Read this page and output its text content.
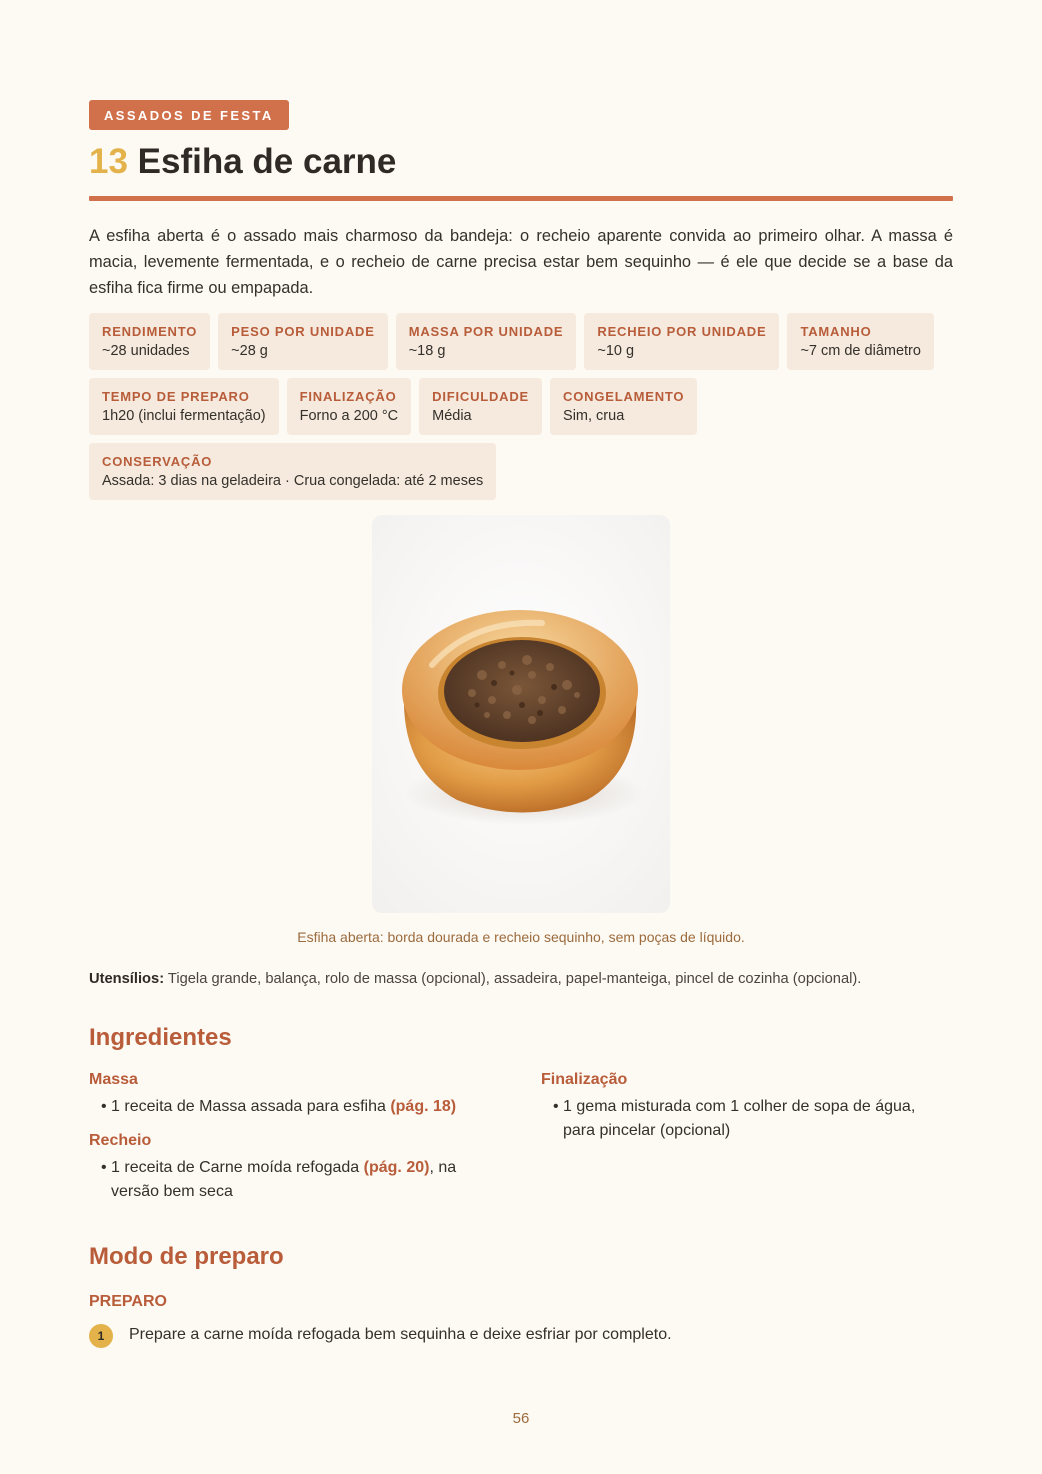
ASSADOS DE FESTA
13 Esfiha de carne
A esfiha aberta é o assado mais charmoso da bandeja: o recheio aparente convida ao primeiro olhar. A massa é macia, levemente fermentada, e o recheio de carne precisa estar bem sequinho — é ele que decide se a base da esfiha fica firme ou empapada.
RENDIMENTO
~28 unidades
PESO POR UNIDADE
~28 g
MASSA POR UNIDADE
~18 g
RECHEIO POR UNIDADE
~10 g
TAMANHO
~7 cm de diâmetro
TEMPO DE PREPARO
1h20 (inclui fermentação)
FINALIZAÇÃO
Forno a 200 °C
DIFICULDADE
Média
CONGELAMENTO
Sim, crua
CONSERVAÇÃO
Assada: 3 dias na geladeira · Crua congelada: até 2 meses
Esfiha aberta: borda dourada e recheio sequinho, sem poças de líquido.
Utensílios: Tigela grande, balança, rolo de massa (opcional), assadeira, papel-manteiga, pincel de cozinha (opcional).
Ingredientes
Massa
• 1 receita de Massa assada para esfiha (pág. 18)
Recheio
• 1 receita de Carne moída refogada (pág. 20), na versão bem seca
Finalização
• 1 gema misturada com 1 colher de sopa de água, para pincelar (opcional)
Modo de preparo
PREPARO
1	Prepare a carne moída refogada bem sequinha e deixe esfriar por completo.
56
